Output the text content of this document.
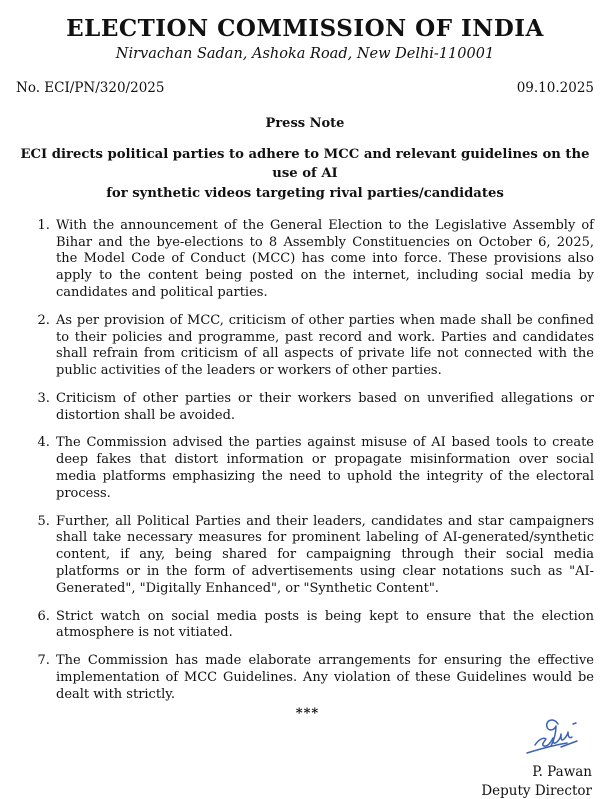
ELECTION COMMISSION OF INDIA
Nirvachan Sadan, Ashoka Road, New Delhi-110001
No. ECI/PN/320/2025	09.10.2025
Press Note
ECI directs political parties to adhere to MCC and relevant guidelines on the use of AI
for synthetic videos targeting rival parties/candidates
1. With the announcement of the General Election to the Legislative Assembly of Bihar and the bye-elections to 8 Assembly Constituencies on October 6, 2025, the Model Code of Conduct (MCC) has come into force. These provisions also apply to the content being posted on the internet, including social media by candidates and political parties.
2. As per provision of MCC, criticism of other parties when made shall be confined to their policies and programme, past record and work. Parties and candidates shall refrain from criticism of all aspects of private life not connected with the public activities of the leaders or workers of other parties.
3. Criticism of other parties or their workers based on unverified allegations or distortion shall be avoided.
4. The Commission advised the parties against misuse of AI based tools to create deep fakes that distort information or propagate misinformation over social media platforms emphasizing the need to uphold the integrity of the electoral process.
5. Further, all Political Parties and their leaders, candidates and star campaigners shall take necessary measures for prominent labeling of AI-generated/synthetic content, if any, being shared for campaigning through their social media platforms or in the form of advertisements using clear notations such as "AI-Generated", "Digitally Enhanced", or "Synthetic Content".
6. Strict watch on social media posts is being kept to ensure that the election atmosphere is not vitiated.
7. The Commission has made elaborate arrangements for ensuring the effective implementation of MCC Guidelines. Any violation of these Guidelines would be dealt with strictly.
P. Pawan
Deputy Director
***
